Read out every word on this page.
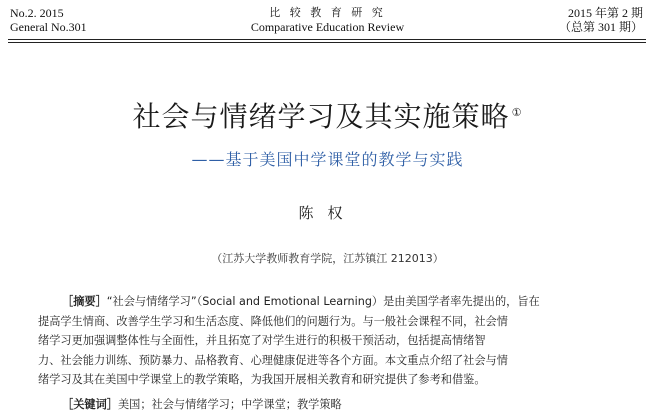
No.2. 2015
General No.301
比 较 教 育 研 究
Comparative Education Review
2015 年第 2 期
（总第 301 期）
社会与情绪学习及其实施策略 ①
——基于美国中学课堂的教学与实践
陈权
（江苏大学教师教育学院，江苏镇江 212013）

［摘要］“社会与情绪学习”（Social and Emotional Learning）是由美国学者率先提出的，旨在

提高学生情商、改善学生学习和生活态度、降低他们的问题行为。与一般社会课程不同，社会情

绪学习更加强调整体性与全面性，并且拓宽了对学生进行的积极干预活动，包括提高情绪智

力、社会能力训练、预防暴力、品格教育、心理健康促进等各个方面。本文重点介绍了社会与情

绪学习及其在美国中学课堂上的教学策略，为我国开展相关教育和研究提供了参考和借鉴。

［关键词］美国；社会与情绪学习；中学课堂；教学策略
